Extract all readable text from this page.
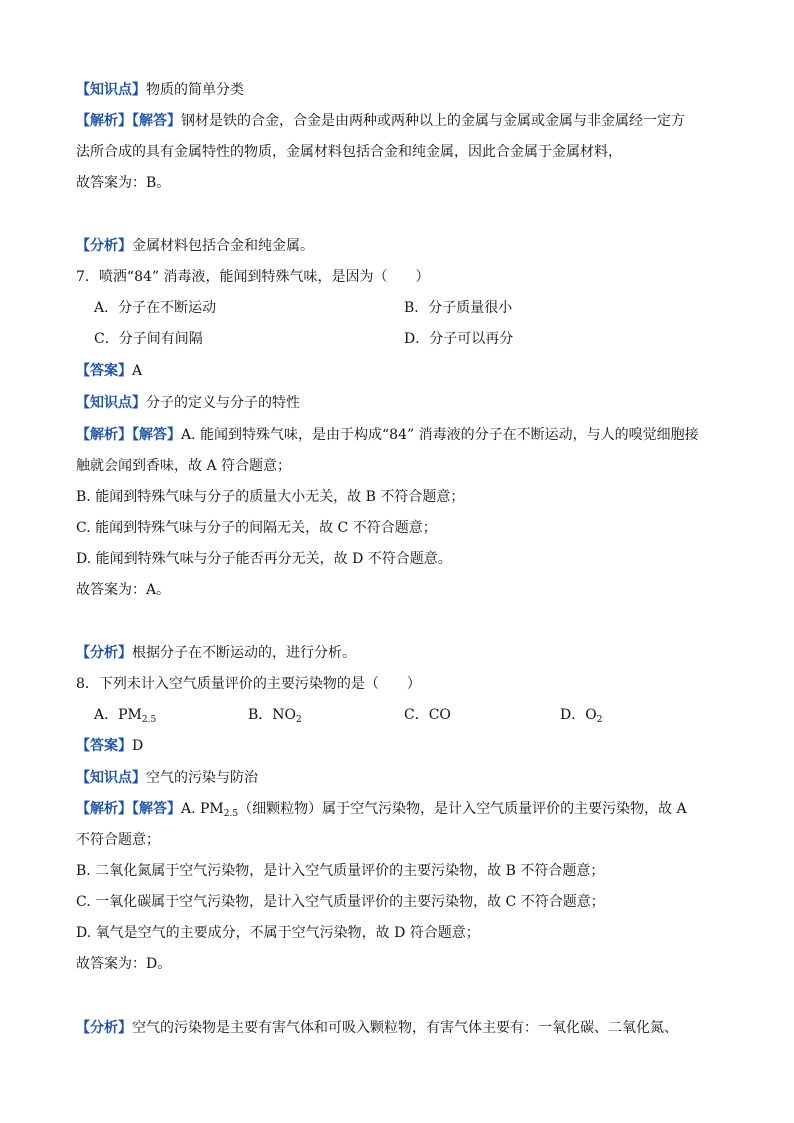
【知识点】物质的简单分类
【解析】【解答】钢材是铁的合金，合金是由两种或两种以上的金属与金属或金属与非金属经一定方
法所合成的具有金属特性的物质，金属材料包括合金和纯金属，因此合金属于金属材料，
故答案为：B。
【分析】金属材料包括合金和纯金属。
7．喷洒“84” 消毒液，能闻到特殊气味，是因为（　　）
A．分子在不断运动	B．分子质量很小
C．分子间有间隔	D．分子可以再分
【答案】A
【知识点】分子的定义与分子的特性
【解析】【解答】A. 能闻到特殊气味，是由于构成“84” 消毒液的分子在不断运动，与人的嗅觉细胞接
触就会闻到香味，故 A 符合题意；
B. 能闻到特殊气味与分子的质量大小无关，故 B 不符合题意；
C. 能闻到特殊气味与分子的间隔无关，故 C 不符合题意；
D. 能闻到特殊气味与分子能否再分无关，故 D 不符合题意。
故答案为：A。
【分析】根据分子在不断运动的，进行分析。
8．下列未计入空气质量评价的主要污染物的是（　　）
A．$PM_{2.5}$	B．$NO_2$	C．CO	D．$O_2$
【答案】D
【知识点】空气的污染与防治
【解析】【解答】A. $PM_{2.5}$（细颗粒物）属于空气污染物，是计入空气质量评价的主要污染物，故 A
不符合题意；
B. 二氧化氮属于空气污染物，是计入空气质量评价的主要污染物，故 B 不符合题意；
C. 一氧化碳属于空气污染物，是计入空气质量评价的主要污染物，故 C 不符合题意；
D. 氧气是空气的主要成分，不属于空气污染物，故 D 符合题意；
故答案为：D。
【分析】空气的污染物是主要有害气体和可吸入颗粒物，有害气体主要有：一氧化碳、二氧化氮、
